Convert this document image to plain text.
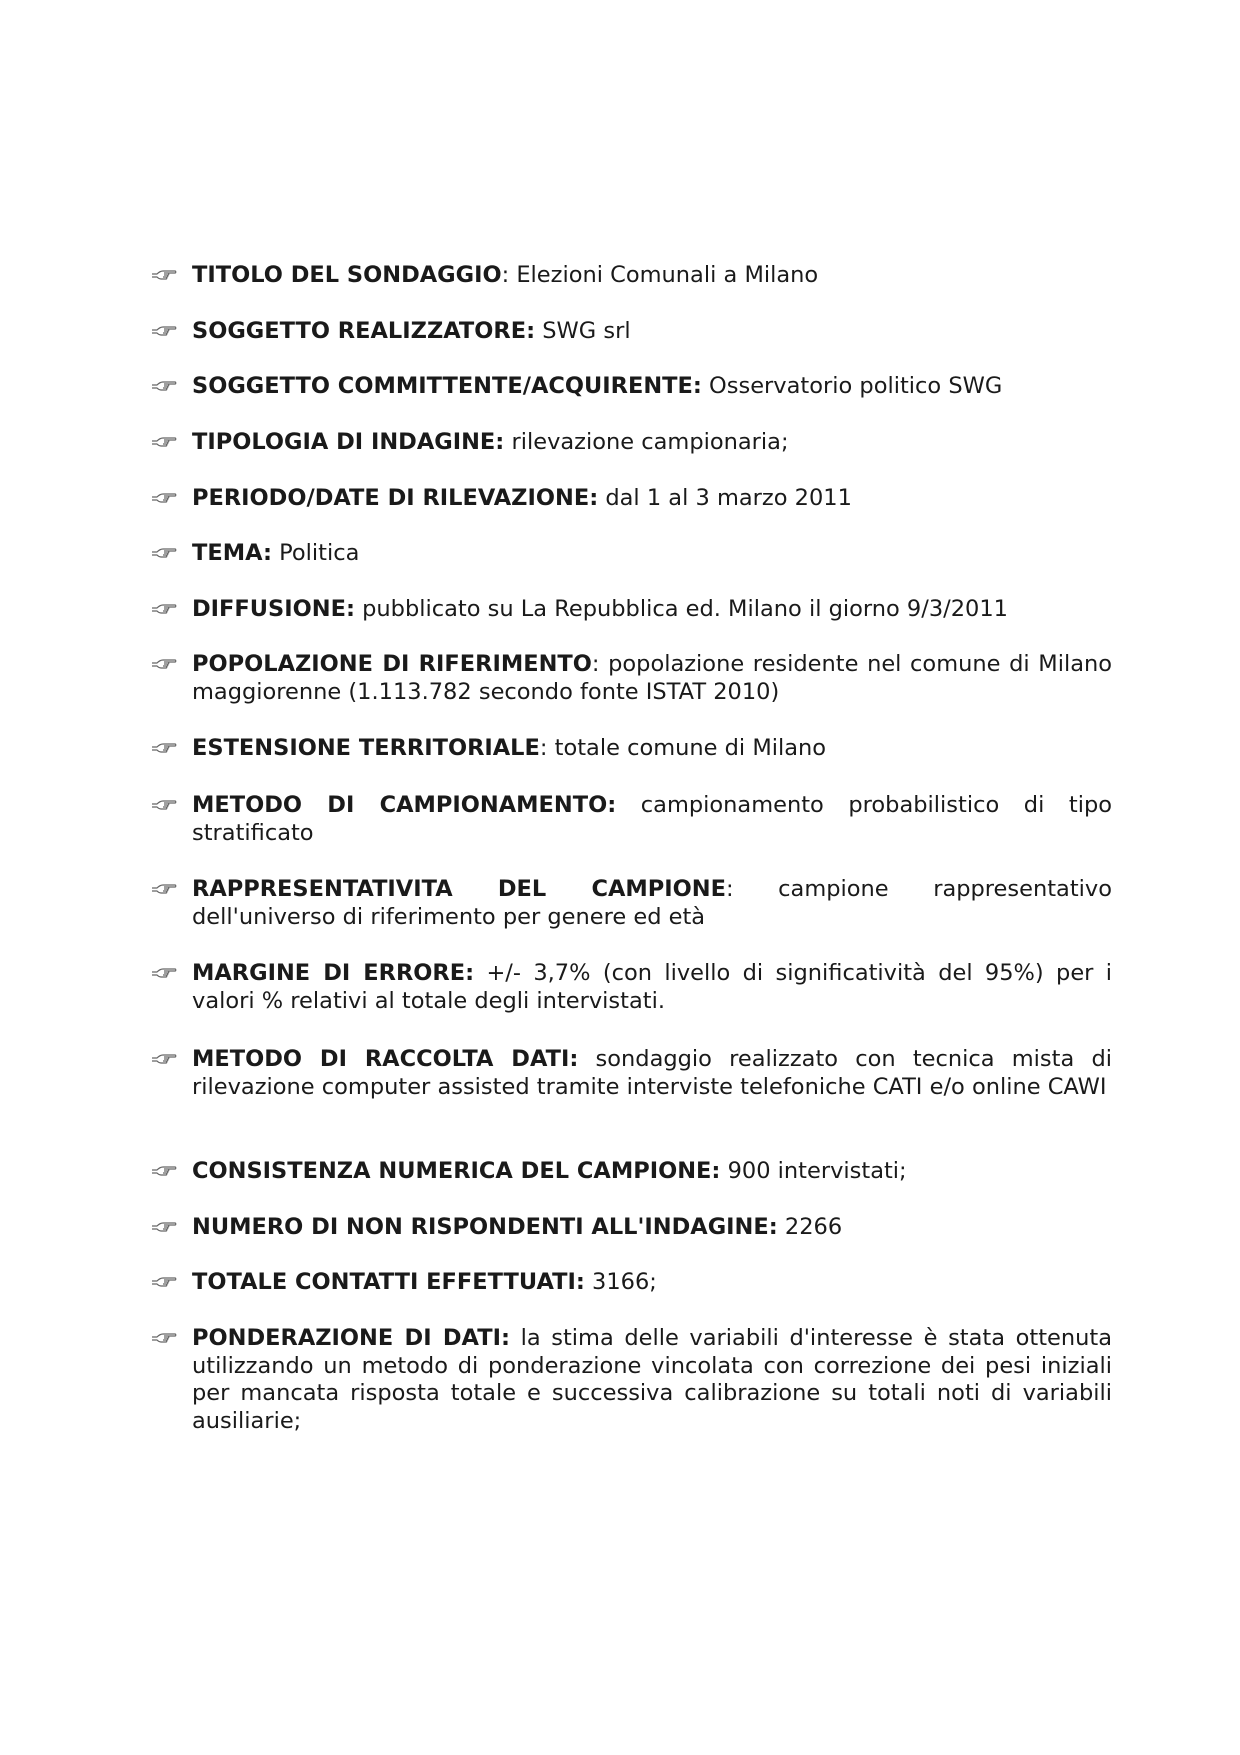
TITOLO DEL SONDAGGIO: Elezioni Comunali a Milano
SOGGETTO REALIZZATORE: SWG srl
SOGGETTO COMMITTENTE/ACQUIRENTE: Osservatorio politico SWG
TIPOLOGIA DI INDAGINE: rilevazione campionaria;
PERIODO/DATE DI RILEVAZIONE: dal 1 al 3 marzo 2011
TEMA: Politica
DIFFUSIONE: pubblicato su La Repubblica ed. Milano il giorno 9/3/2011
POPOLAZIONE DI RIFERIMENTO: popolazione residente nel comune di Milano maggiorenne (1.113.782 secondo fonte ISTAT 2010)
ESTENSIONE TERRITORIALE: totale comune di Milano
METODO DI CAMPIONAMENTO: campionamento probabilistico di tipo stratificato
RAPPRESENTATIVITA DEL CAMPIONE: campione rappresentativo dell'universo di riferimento per genere ed età
MARGINE DI ERRORE: +/- 3,7% (con livello di significatività del 95%) per i valori % relativi al totale degli intervistati.
METODO DI RACCOLTA DATI: sondaggio realizzato con tecnica mista di rilevazione computer assisted tramite interviste telefoniche CATI e/o online CAWI
CONSISTENZA NUMERICA DEL CAMPIONE: 900 intervistati;
NUMERO DI NON RISPONDENTI ALL'INDAGINE: 2266
TOTALE CONTATTI EFFETTUATI: 3166;
PONDERAZIONE DI DATI: la stima delle variabili d'interesse è stata ottenuta utilizzando un metodo di ponderazione vincolata con correzione dei pesi iniziali per mancata risposta totale e successiva calibrazione su totali noti di variabili ausiliarie;
